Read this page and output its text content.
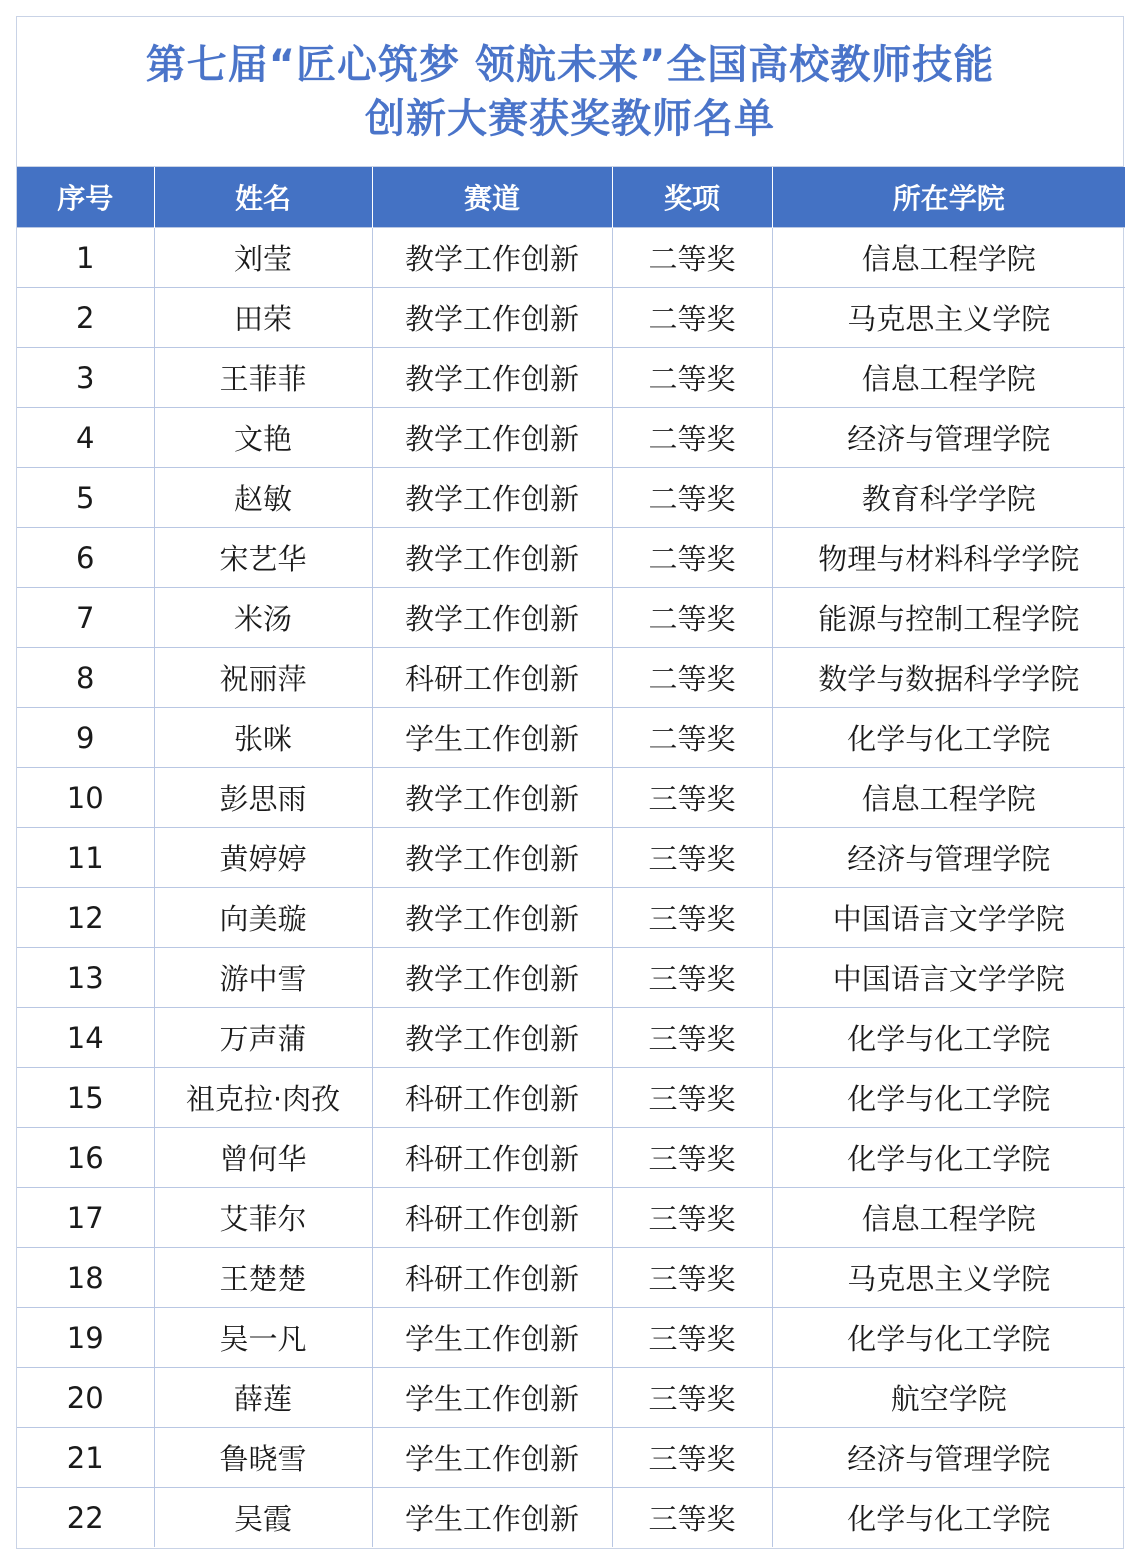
第七届“匠心筑梦 领航未来”全国高校教师技能
创新大赛获奖教师名单
序号	姓名	赛道	奖项	所在学院
1	刘莹	教学工作创新	二等奖	信息工程学院
2	田荣	教学工作创新	二等奖	马克思主义学院
3	王菲菲	教学工作创新	二等奖	信息工程学院
4	文艳	教学工作创新	二等奖	经济与管理学院
5	赵敏	教学工作创新	二等奖	教育科学学院
6	宋艺华	教学工作创新	二等奖	物理与材料科学学院
7	米汤	教学工作创新	二等奖	能源与控制工程学院
8	祝丽萍	科研工作创新	二等奖	数学与数据科学学院
9	张咪	学生工作创新	二等奖	化学与化工学院
10	彭思雨	教学工作创新	三等奖	信息工程学院
11	黄婷婷	教学工作创新	三等奖	经济与管理学院
12	向美璇	教学工作创新	三等奖	中国语言文学学院
13	游中雪	教学工作创新	三等奖	中国语言文学学院
14	万声蒲	教学工作创新	三等奖	化学与化工学院
15	祖克拉·肉孜	科研工作创新	三等奖	化学与化工学院
16	曾何华	科研工作创新	三等奖	化学与化工学院
17	艾菲尔	科研工作创新	三等奖	信息工程学院
18	王楚楚	科研工作创新	三等奖	马克思主义学院
19	吴一凡	学生工作创新	三等奖	化学与化工学院
20	薛莲	学生工作创新	三等奖	航空学院
21	鲁晓雪	学生工作创新	三等奖	经济与管理学院
22	吴霞	学生工作创新	三等奖	化学与化工学院
